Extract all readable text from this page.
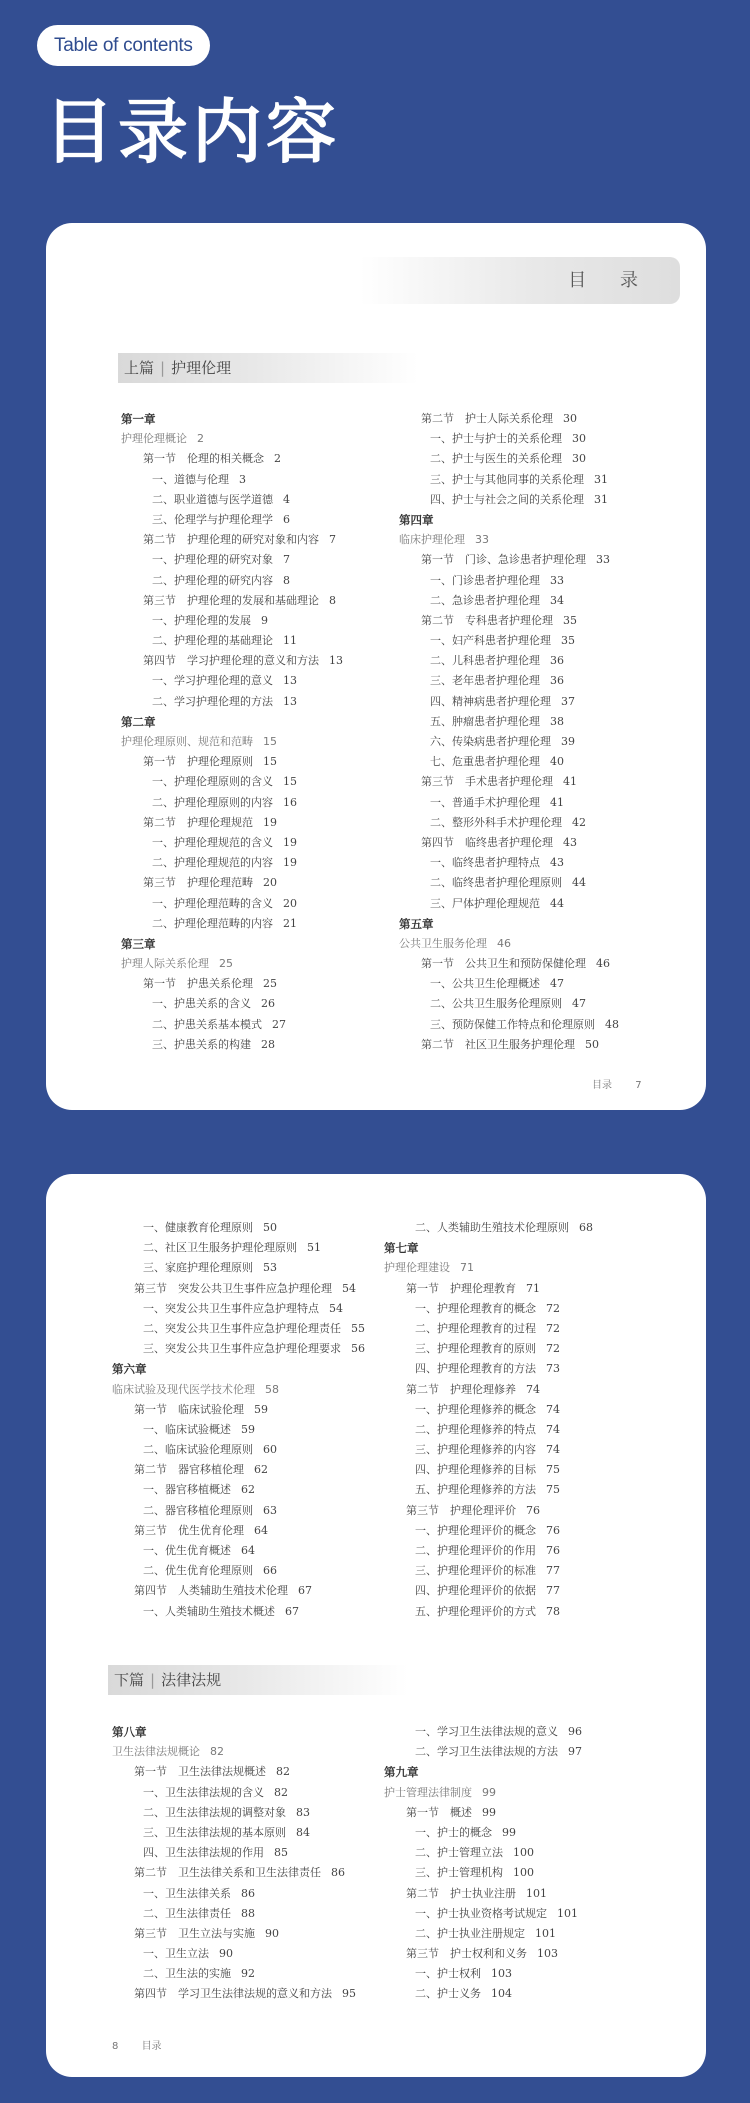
Table of contents
目录内容
目 录
上篇 | 护理伦理
第一章
护理伦理概论 2
第一节　伦理的相关概念 2
一、道德与伦理 3
二、职业道德与医学道德 4
三、伦理学与护理伦理学 6
第二节　护理伦理的研究对象和内容 7
一、护理伦理的研究对象 7
二、护理伦理的研究内容 8
第三节　护理伦理的发展和基础理论 8
一、护理伦理的发展 9
二、护理伦理的基础理论 11
第四节　学习护理伦理的意义和方法 13
一、学习护理伦理的意义 13
二、学习护理伦理的方法 13
第二章
护理伦理原则、规范和范畴 15
第一节　护理伦理原则 15
一、护理伦理原则的含义 15
二、护理伦理原则的内容 16
第二节　护理伦理规范 19
一、护理伦理规范的含义 19
二、护理伦理规范的内容 19
第三节　护理伦理范畴 20
一、护理伦理范畴的含义 20
二、护理伦理范畴的内容 21
第三章
护理人际关系伦理 25
第一节　护患关系伦理 25
一、护患关系的含义 26
二、护患关系基本模式 27
三、护患关系的构建 28
第二节　护士人际关系伦理 30
一、护士与护士的关系伦理 30
二、护士与医生的关系伦理 30
三、护士与其他同事的关系伦理 31
四、护士与社会之间的关系伦理 31
第四章
临床护理伦理 33
第一节　门诊、急诊患者护理伦理 33
一、门诊患者护理伦理 33
二、急诊患者护理伦理 34
第二节　专科患者护理伦理 35
一、妇产科患者护理伦理 35
二、儿科患者护理伦理 36
三、老年患者护理伦理 36
四、精神病患者护理伦理 37
五、肿瘤患者护理伦理 38
六、传染病患者护理伦理 39
七、危重患者护理伦理 40
第三节　手术患者护理伦理 41
一、普通手术护理伦理 41
二、整形外科手术护理伦理 42
第四节　临终患者护理伦理 43
一、临终患者护理特点 43
二、临终患者护理伦理原则 44
三、尸体护理伦理规范 44
第五章
公共卫生服务伦理 46
第一节　公共卫生和预防保健伦理 46
一、公共卫生伦理概述 47
二、公共卫生服务伦理原则 47
三、预防保健工作特点和伦理原则 48
第二节　社区卫生服务护理伦理 50
目录 7
一、健康教育伦理原则 50
二、社区卫生服务护理伦理原则 51
三、家庭护理伦理原则 53
第三节　突发公共卫生事件应急护理伦理 54
一、突发公共卫生事件应急护理特点 54
二、突发公共卫生事件应急护理伦理责任 55
三、突发公共卫生事件应急护理伦理要求 56
第六章
临床试验及现代医学技术伦理 58
第一节　临床试验伦理 59
一、临床试验概述 59
二、临床试验伦理原则 60
第二节　器官移植伦理 62
一、器官移植概述 62
二、器官移植伦理原则 63
第三节　优生优育伦理 64
一、优生优育概述 64
二、优生优育伦理原则 66
第四节　人类辅助生殖技术伦理 67
一、人类辅助生殖技术概述 67
二、人类辅助生殖技术伦理原则 68
第七章
护理伦理建设 71
第一节　护理伦理教育 71
一、护理伦理教育的概念 72
二、护理伦理教育的过程 72
三、护理伦理教育的原则 72
四、护理伦理教育的方法 73
第二节　护理伦理修养 74
一、护理伦理修养的概念 74
二、护理伦理修养的特点 74
三、护理伦理修养的内容 74
四、护理伦理修养的目标 75
五、护理伦理修养的方法 75
第三节　护理伦理评价 76
一、护理伦理评价的概念 76
二、护理伦理评价的作用 76
三、护理伦理评价的标准 77
四、护理伦理评价的依据 77
五、护理伦理评价的方式 78
下篇 | 法律法规
第八章
卫生法律法规概论 82
第一节　卫生法律法规概述 82
一、卫生法律法规的含义 82
二、卫生法律法规的调整对象 83
三、卫生法律法规的基本原则 84
四、卫生法律法规的作用 85
第二节　卫生法律关系和卫生法律责任 86
一、卫生法律关系 86
二、卫生法律责任 88
第三节　卫生立法与实施 90
一、卫生立法 90
二、卫生法的实施 92
第四节　学习卫生法律法规的意义和方法 95
一、学习卫生法律法规的意义 96
二、学习卫生法律法规的方法 97
第九章
护士管理法律制度 99
第一节　概述 99
一、护士的概念 99
二、护士管理立法 100
三、护士管理机构 100
第二节　护士执业注册 101
一、护士执业资格考试规定 101
二、护士执业注册规定 101
第三节　护士权利和义务 103
一、护士权利 103
二、护士义务 104
8 目录
